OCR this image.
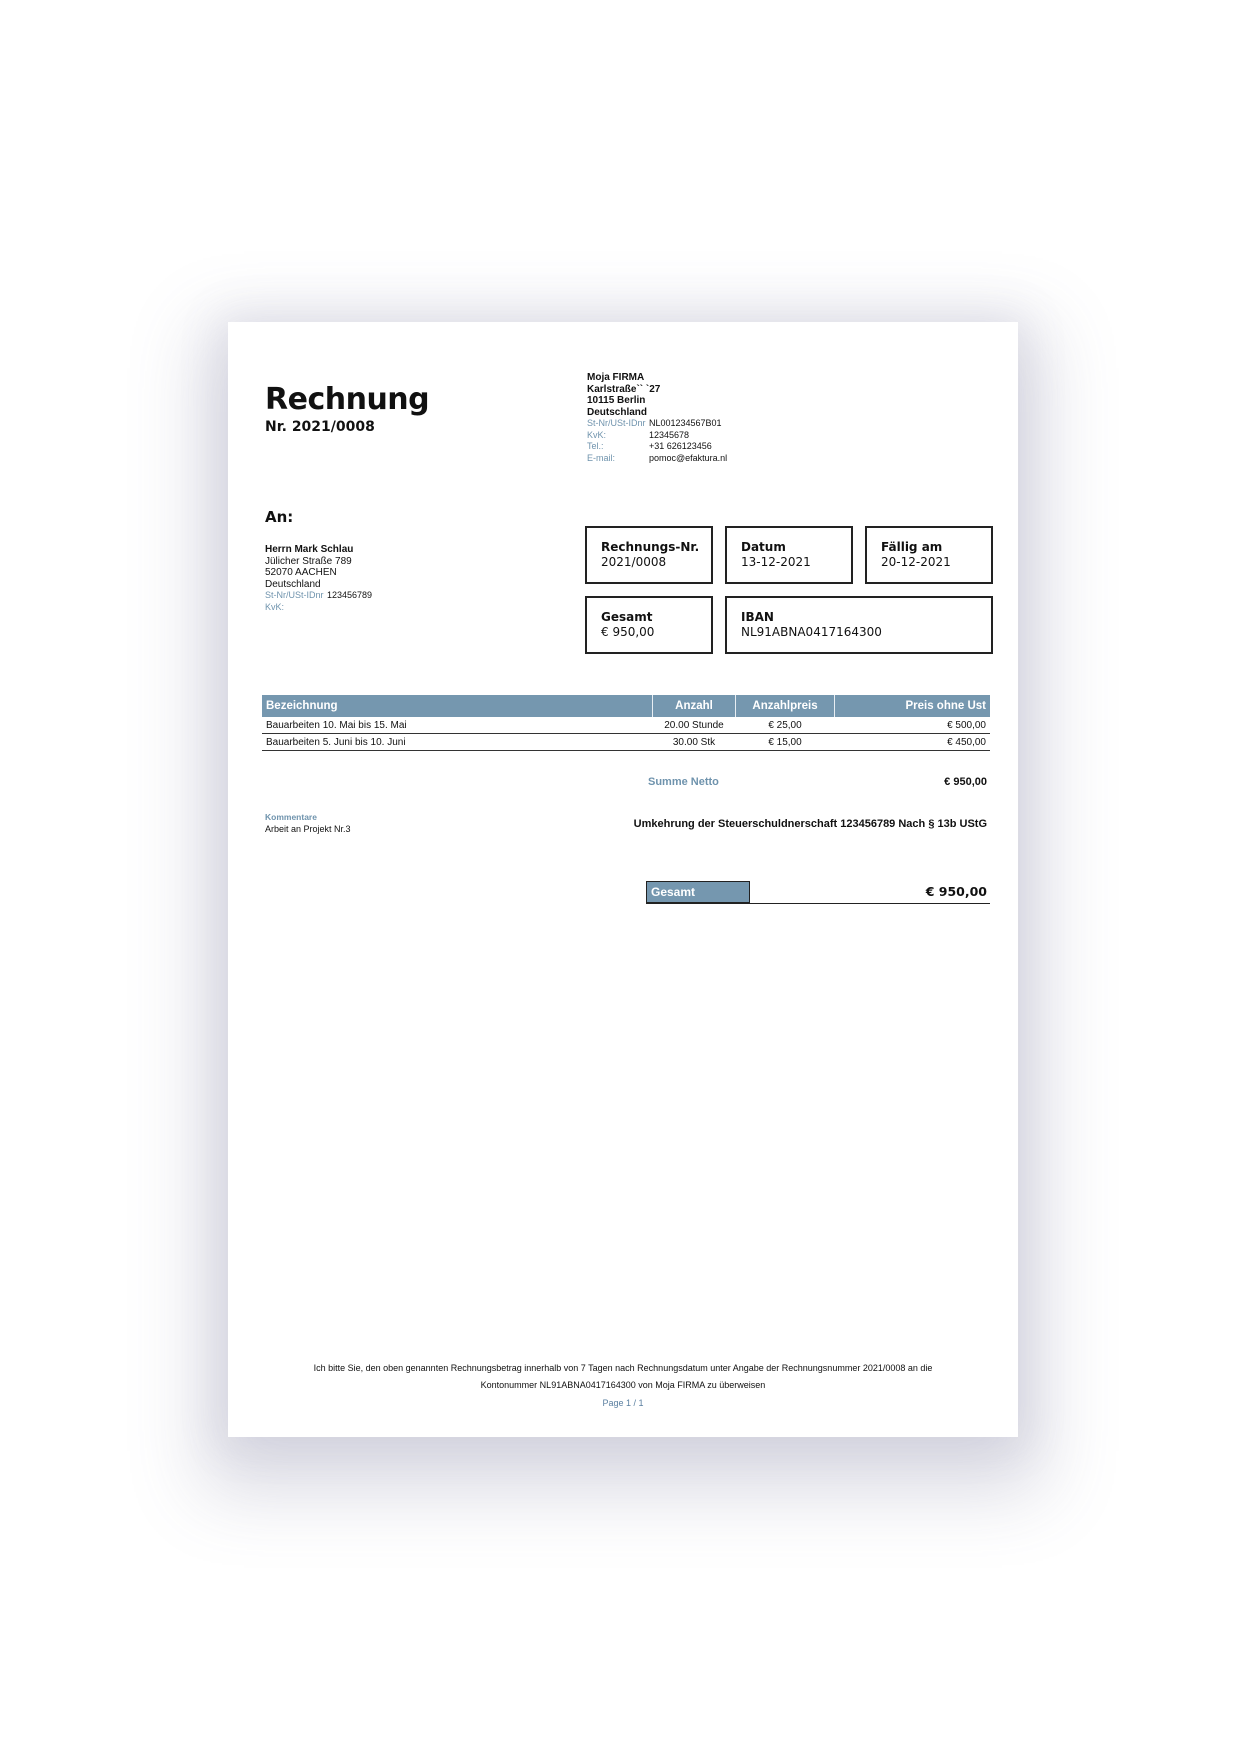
Rechnung
Nr. 2021/0008
Moja FIRMA
Karlstraße`` `27
10115 Berlin
Deutschland
St-Nr/USt-IDnr NL001234567B01
KvK:	12345678
Tel.:	+31 626123456
E-mail:	pomoc@efaktura.nl
An:
Herrn Mark Schlau
Jülicher Straße 789
52070 AACHEN
Deutschland
St-Nr/USt-IDnr 123456789
KvK:
Rechnungs-Nr.
2021/0008
Datum
13-12-2021
Fällig am
20-12-2021
Gesamt
€ 950,00
IBAN
NL91ABNA0417164300
Bezeichnung	Anzahl	Anzahlpreis	Preis ohne Ust
Bauarbeiten 10. Mai bis 15. Mai	20.00 Stunde	€ 25,00	€ 500,00
Bauarbeiten 5. Juni bis 10. Juni	30.00 Stk	€ 15,00	€ 450,00
Summe Netto	€ 950,00
Kommentare
Arbeit an Projekt Nr.3	Umkehrung der Steuerschuldnerschaft 123456789 Nach § 13b UStG
Gesamt	€ 950,00
Ich bitte Sie, den oben genannten Rechnungsbetrag innerhalb von 7 Tagen nach Rechnungsdatum unter Angabe der Rechnungsnummer 2021/0008 an die
Kontonummer NL91ABNA0417164300 von Moja FIRMA zu überweisen
Page 1 / 1
